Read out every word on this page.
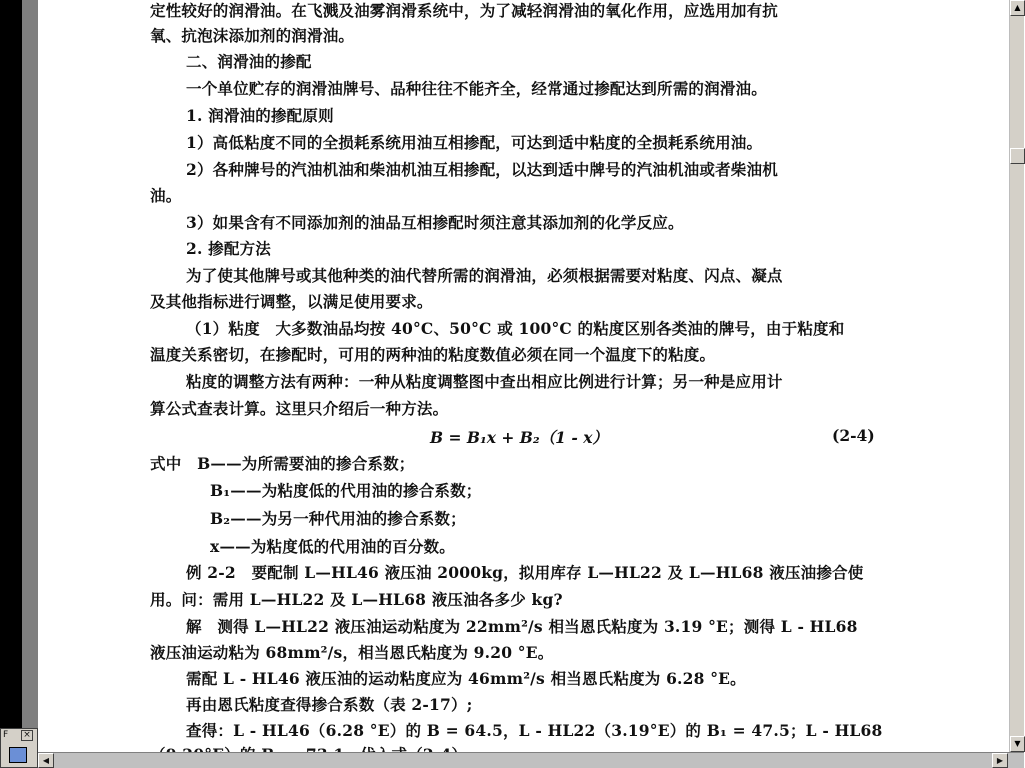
定性较好的润滑油。在飞溅及油雾润滑系统中，为了减轻润滑油的氧化作用，应选用加有抗
氧、抗泡沫添加剂的润滑油。
二、润滑油的掺配
一个单位贮存的润滑油牌号、品种往往不能齐全，经常通过掺配达到所需的润滑油。
1. 润滑油的掺配原则
1）高低粘度不同的全损耗系统用油互相掺配，可达到适中粘度的全损耗系统用油。
2）各种牌号的汽油机油和柴油机油互相掺配，以达到适中牌号的汽油机油或者柴油机
油。
3）如果含有不同添加剂的油品互相掺配时须注意其添加剂的化学反应。
2. 掺配方法
为了使其他牌号或其他种类的油代替所需的润滑油，必须根据需要对粘度、闪点、凝点
及其他指标进行调整，以满足使用要求。
（1）粘度　大多数油品均按 40°C、50°C 或 100°C 的粘度区别各类油的牌号，由于粘度和
温度关系密切，在掺配时，可用的两种油的粘度数值必须在同一个温度下的粘度。
粘度的调整方法有两种：一种从粘度调整图中查出相应比例进行计算；另一种是应用计
算公式查表计算。这里只介绍后一种方法。
B = B₁x + B₂（1 - x）	(2-4)
式中　B——为所需要油的掺合系数；
B₁——为粘度低的代用油的掺合系数；
B₂——为另一种代用油的掺合系数；
x——为粘度低的代用油的百分数。
例 2-2　要配制 L—HL46 液压油 2000kg，拟用库存 L—HL22 及 L—HL68 液压油掺合使
用。问：需用 L—HL22 及 L—HL68 液压油各多少 kg?
解　测得 L—HL22 液压油运动粘度为 22mm²/s 相当恩氏粘度为 3.19 °E；测得 L - HL68
液压油运动粘为 68mm²/s，相当恩氏粘度为 9.20 °E。
需配 L - HL46 液压油的运动粘度应为 46mm²/s 相当恩氏粘度为 6.28 °E。
再由恩氏粘度查得掺合系数（表 2-17）;
查得：L - HL46（6.28 °E）的 B = 64.5，L - HL22（3.19°E）的 B₁ = 47.5；L - HL68
▲
▼
◀	▶
F ×
